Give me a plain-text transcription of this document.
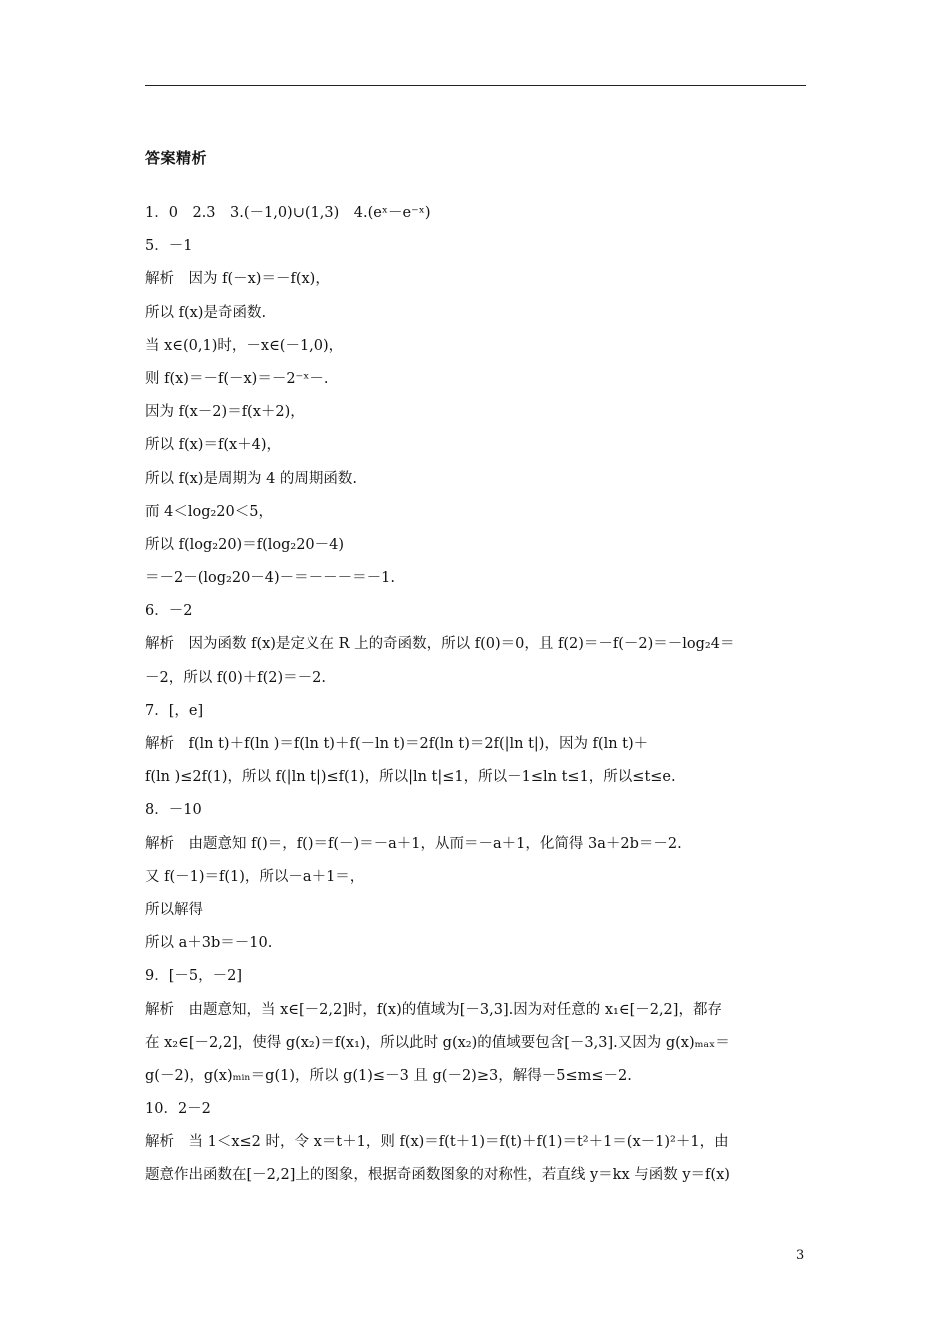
答案精析
1．0　2.3　3.(－1,0)∪(1,3)　4.(eˣ－e⁻ˣ)
5．－1
解析　因为 f(－x)＝－f(x)，
所以 f(x)是奇函数.
当 x∈(0,1)时，－x∈(－1,0)，
则 f(x)＝－f(－x)＝－2⁻ˣ－.
因为 f(x－2)＝f(x＋2)，
所以 f(x)＝f(x＋4)，
所以 f(x)是周期为 4 的周期函数.
而 4＜log₂20＜5，
所以 f(log₂20)＝f(log₂20－4)
＝－2－(log₂20－4)－＝－－－＝－1.
6．－2
解析　因为函数 f(x)是定义在 R 上的奇函数，所以 f(0)＝0，且 f(2)＝－f(－2)＝－log₂4＝
－2，所以 f(0)＋f(2)＝－2.
7．[，e]
解析　f(ln t)＋f(ln )＝f(ln t)＋f(－ln t)＝2f(ln t)＝2f(|ln t|)，因为 f(ln t)＋
f(ln )≤2f(1)，所以 f(|ln t|)≤f(1)，所以|ln t|≤1，所以－1≤ln t≤1，所以≤t≤e.
8．－10
解析　由题意知 f()＝，f()＝f(－)＝－a＋1，从而＝－a＋1，化简得 3a＋2b＝－2.
又 f(－1)＝f(1)，所以－a＋1＝，
所以解得
所以 a＋3b＝－10.
9．[－5，－2]
解析　由题意知，当 x∈[－2,2]时，f(x)的值域为[－3,3].因为对任意的 x₁∈[－2,2]，都存
在 x₂∈[－2,2]，使得 g(x₂)＝f(x₁)，所以此时 g(x₂)的值域要包含[－3,3].又因为 g(x)ₘₐₓ＝
g(－2)，g(x)ₘᵢₙ＝g(1)，所以 g(1)≤－3 且 g(－2)≥3，解得－5≤m≤－2.
10．2－2
解析　当 1＜x≤2 时，令 x＝t＋1，则 f(x)＝f(t＋1)＝f(t)＋f(1)＝t²＋1＝(x－1)²＋1，由
题意作出函数在[－2,2]上的图象，根据奇函数图象的对称性，若直线 y＝kx 与函数 y＝f(x)
3
